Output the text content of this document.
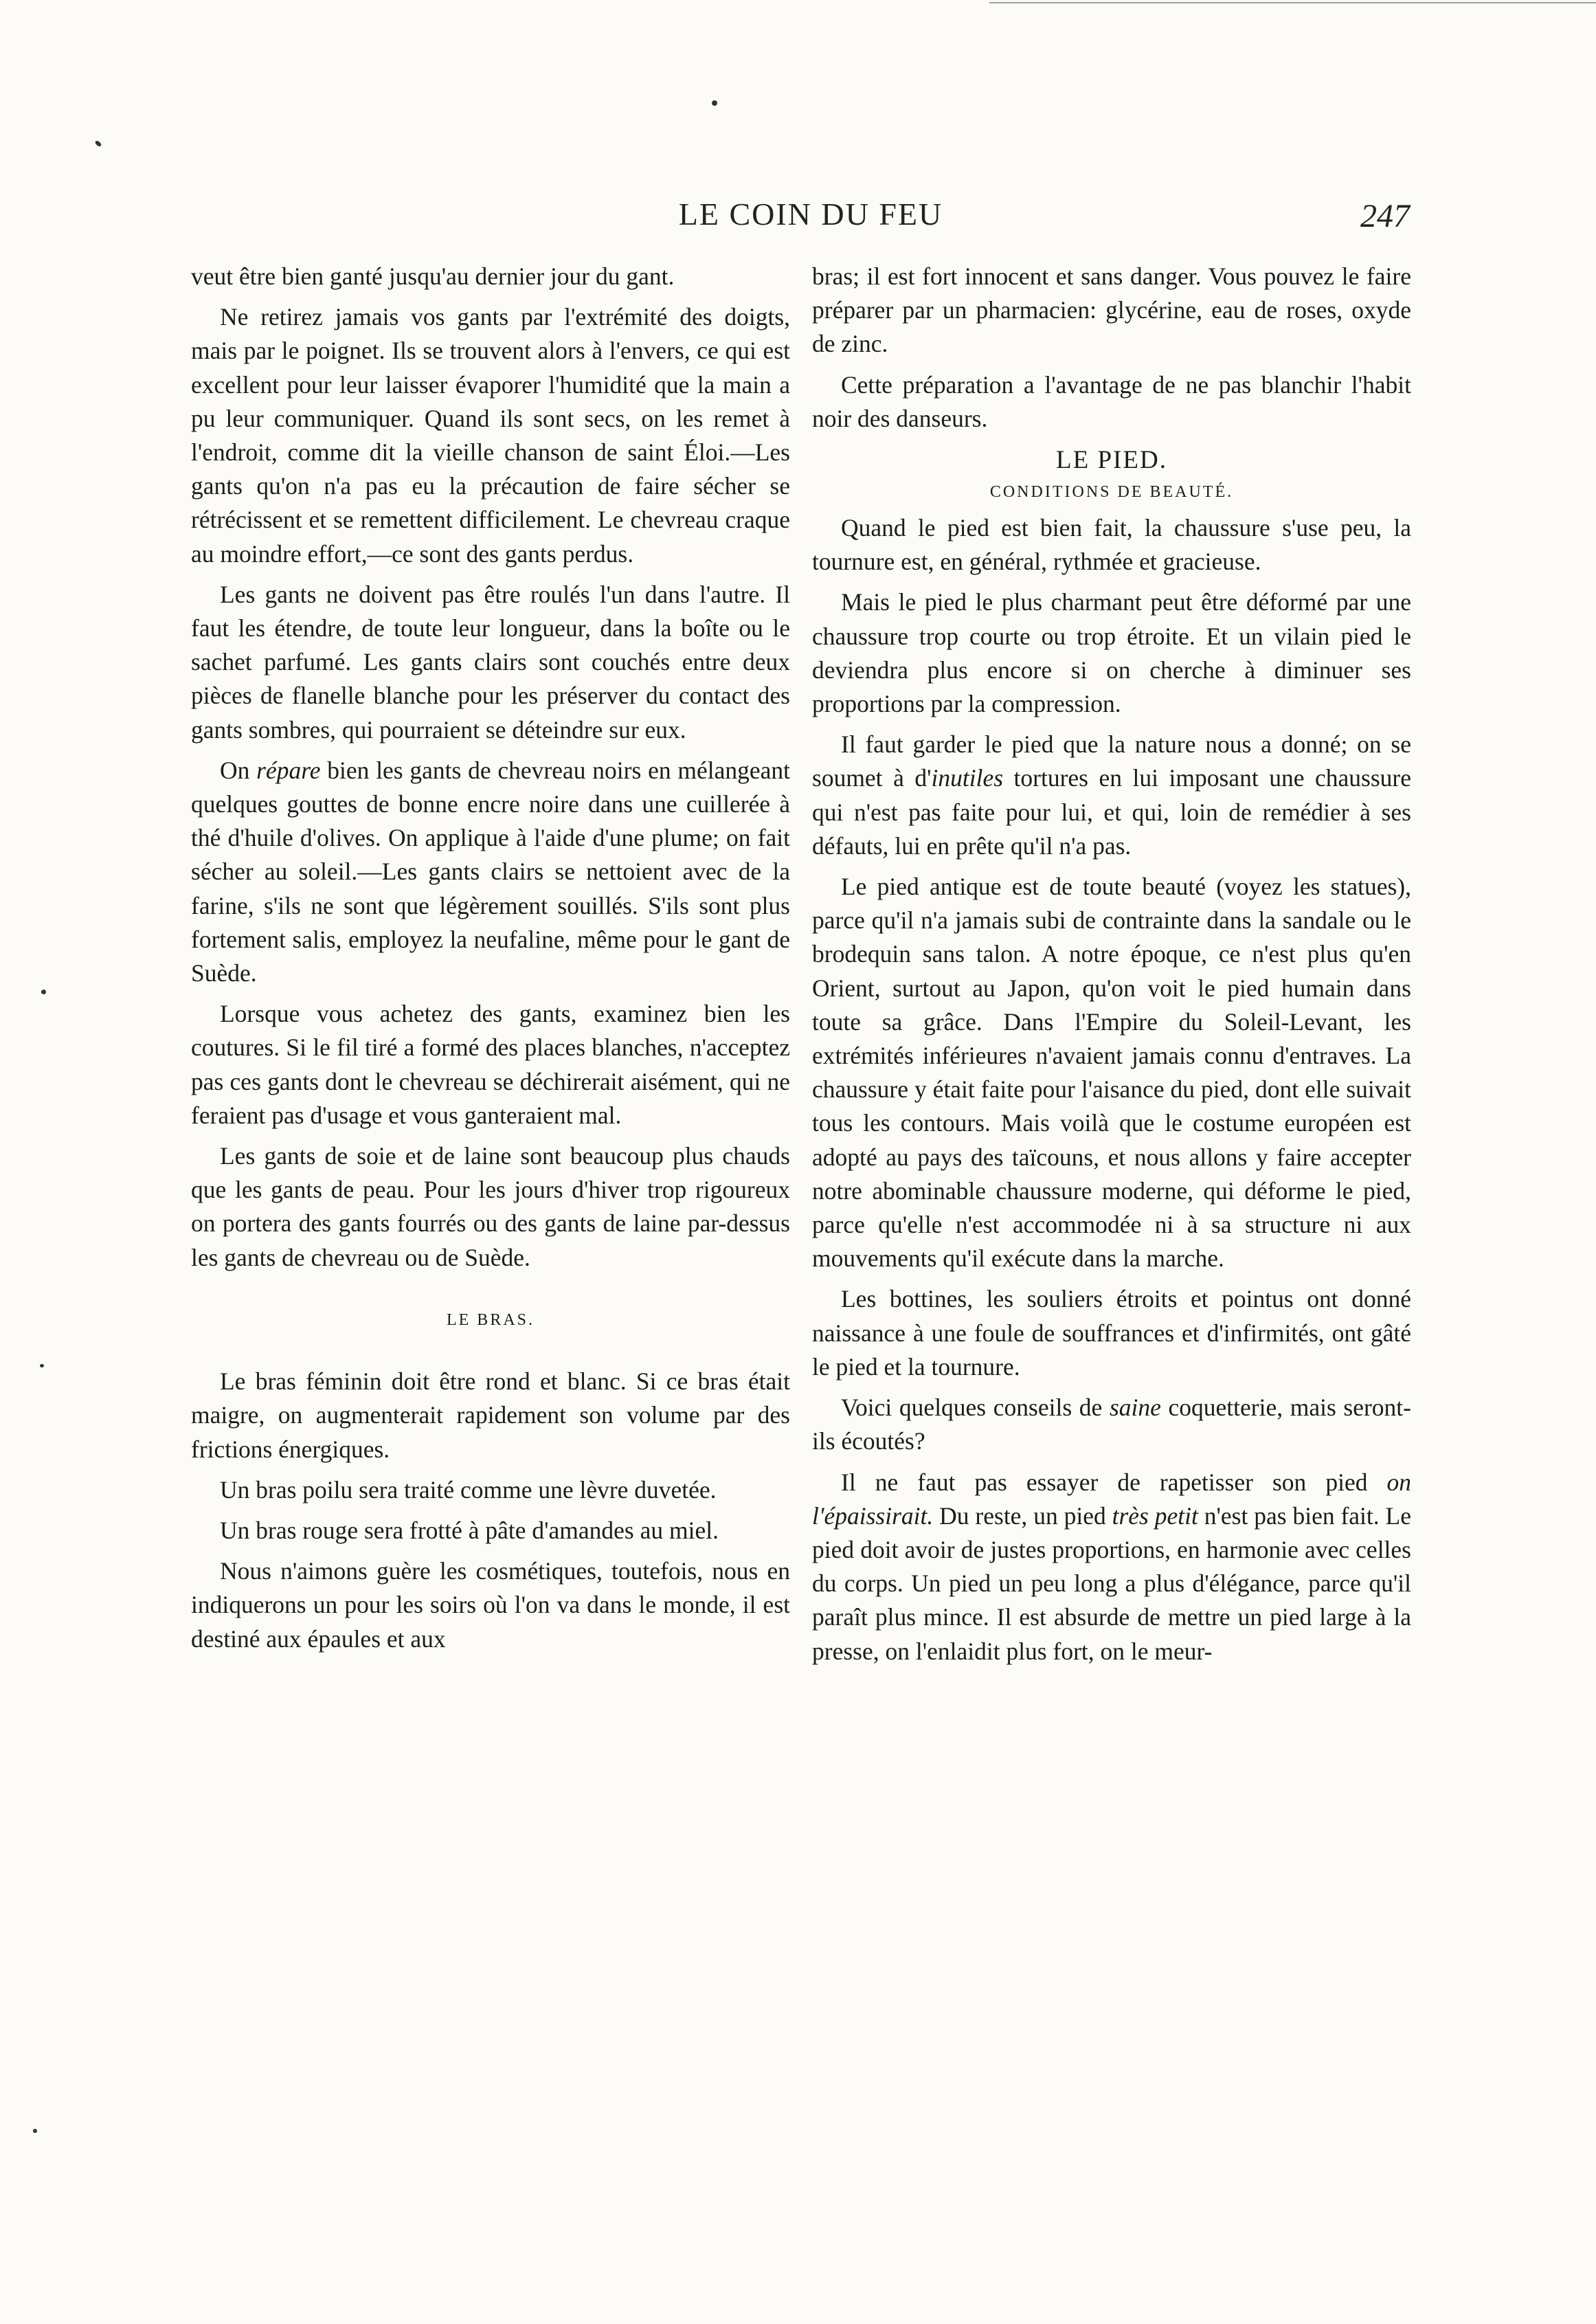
LE COIN DU FEU	247

veut être bien ganté jusqu'au dernier jour du gant.

Ne retirez jamais vos gants par l'extrémité des doigts, mais par le poignet. Ils se trouvent alors à l'envers, ce qui est excellent pour leur laisser évaporer l'humidité que la main a pu leur communiquer. Quand ils sont secs, on les remet à l'endroit, comme dit la vieille chanson de saint Éloi.—Les gants qu'on n'a pas eu la précaution de faire sécher se rétrécissent et se remettent difficilement. Le chevreau craque au moindre effort,—ce sont des gants perdus.

Les gants ne doivent pas être roulés l'un dans l'autre. Il faut les étendre, de toute leur longueur, dans la boîte ou le sachet parfumé. Les gants clairs sont couchés entre deux pièces de flanelle blanche pour les préserver du contact des gants sombres, qui pourraient se déteindre sur eux.

On répare bien les gants de chevreau noirs en mélangeant quelques gouttes de bonne encre noire dans une cuillerée à thé d'huile d'olives. On applique à l'aide d'une plume; on fait sécher au soleil.—Les gants clairs se nettoient avec de la farine, s'ils ne sont que légèrement souillés. S'ils sont plus fortement salis, employez la neufaline, même pour le gant de Suède.

Lorsque vous achetez des gants, examinez bien les coutures. Si le fil tiré a formé des places blanches, n'acceptez pas ces gants dont le chevreau se déchirerait aisément, qui ne feraient pas d'usage et vous ganteraient mal.

Les gants de soie et de laine sont beaucoup plus chauds que les gants de peau. Pour les jours d'hiver trop rigoureux on portera des gants fourrés ou des gants de laine par-dessus les gants de chevreau ou de Suède.

LE BRAS.

Le bras féminin doit être rond et blanc. Si ce bras était maigre, on augmenterait rapidement son volume par des frictions énergiques.

Un bras poilu sera traité comme une lèvre duvetée.

Un bras rouge sera frotté à pâte d'amandes au miel.

Nous n'aimons guère les cosmétiques, toutefois, nous en indiquerons un pour les soirs où l'on va dans le monde, il est destiné aux épaules et aux

bras; il est fort innocent et sans danger. Vous pouvez le faire préparer par un pharmacien: glycérine, eau de roses, oxyde de zinc.

Cette préparation a l'avantage de ne pas blanchir l'habit noir des danseurs.

LE PIED.
CONDITIONS DE BEAUTÉ.

Quand le pied est bien fait, la chaussure s'use peu, la tournure est, en général, rythmée et gracieuse.

Mais le pied le plus charmant peut être déformé par une chaussure trop courte ou trop étroite. Et un vilain pied le deviendra plus encore si on cherche à diminuer ses proportions par la compression.

Il faut garder le pied que la nature nous a donné; on se soumet à d'inutiles tortures en lui imposant une chaussure qui n'est pas faite pour lui, et qui, loin de remédier à ses défauts, lui en prête qu'il n'a pas.

Le pied antique est de toute beauté (voyez les statues), parce qu'il n'a jamais subi de contrainte dans la sandale ou le brodequin sans talon. A notre époque, ce n'est plus qu'en Orient, surtout au Japon, qu'on voit le pied humain dans toute sa grâce. Dans l'Empire du Soleil-Levant, les extrémités inférieures n'avaient jamais connu d'entraves. La chaussure y était faite pour l'aisance du pied, dont elle suivait tous les contours. Mais voilà que le costume européen est adopté au pays des taïcouns, et nous allons y faire accepter notre abominable chaussure moderne, qui déforme le pied, parce qu'elle n'est accommodée ni à sa structure ni aux mouvements qu'il exécute dans la marche.

Les bottines, les souliers étroits et pointus ont donné naissance à une foule de souffrances et d'infirmités, ont gâté le pied et la tournure.

Voici quelques conseils de saine coquetterie, mais seront-ils écoutés?

Il ne faut pas essayer de rapetisser son pied on l'épaissirait. Du reste, un pied très petit n'est pas bien fait. Le pied doit avoir de justes proportions, en harmonie avec celles du corps. Un pied un peu long a plus d'élégance, parce qu'il paraît plus mince. Il est absurde de mettre un pied large à la presse, on l'enlaidit plus fort, on le meur-
